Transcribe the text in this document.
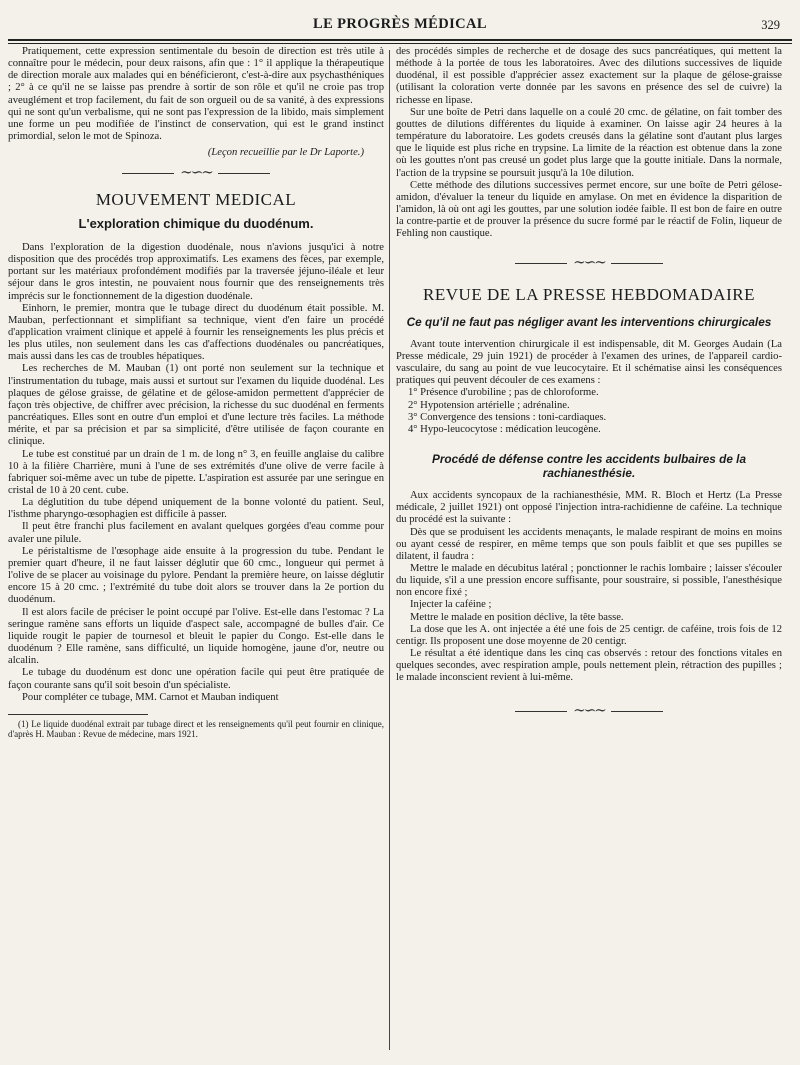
LE PROGRÈS MÉDICAL	329

Pratiquement, cette expression sentimentale du besoin de direction est très utile à connaître pour le médecin, pour deux raisons, afin que : 1° il applique la thérapeutique de direction morale aux malades qui en bénéficieront, c'est-à-dire aux psychasthéniques ; 2° à ce qu'il ne se laisse pas prendre à sortir de son rôle et qu'il ne croie pas trop aveuglément et trop facilement, du fait de son orgueil ou de sa vanité, à des expressions qui ne sont qu'un verbalisme, qui ne sont pas l'expression de la libido, mais simplement une forme un peu modifiée de l'instinct de conservation, qui est le grand instinct primordial, selon le mot de Spinoza.

(Leçon recueillie par le Dr Laporte.)

∼∽∼
MOUVEMENT MEDICAL
L'exploration chimique du duodénum.

Dans l'exploration de la digestion duodénale, nous n'avions jusqu'ici à notre disposition que des procédés trop approximatifs. Les examens des fèces, par exemple, portant sur les matériaux profondément modifiés par la traversée jéjuno-iléale et leur séjour dans le gros intestin, ne pouvaient nous fournir que des renseignements très imprécis sur le fonctionnement de la digestion duodénale.

Einhorn, le premier, montra que le tubage direct du duodénum était possible. M. Mauban, perfectionnant et simplifiant sa technique, vient d'en faire un procédé d'application vraiment clinique et appelé à fournir les renseignements les plus précis et les plus utiles, non seulement dans les cas d'affections duodénales ou pancréatiques, mais aussi dans les cas de troubles hépatiques.

Les recherches de M. Mauban (1) ont porté non seulement sur la technique et l'instrumentation du tubage, mais aussi et surtout sur l'examen du liquide duodénal. Les plaques de gélose graisse, de gélatine et de gélose-amidon permettent d'apprécier de façon très objective, de chiffrer avec précision, la richesse du suc duodénal en ferments pancréatiques. Elles sont en outre d'un emploi et d'une lecture très faciles. La méthode mérite, et par sa précision et par sa simplicité, d'être utilisée de façon courante en clinique.

Le tube est constitué par un drain de 1 m. de long n° 3, en feuille anglaise du calibre 10 à la filière Charrière, muni à l'une de ses extrémités d'une olive de verre facile à fabriquer soi-même avec un tube de pipette. L'aspiration est assurée par une seringue en cristal de 10 à 20 cent. cube.

La déglutition du tube dépend uniquement de la bonne volonté du patient. Seul, l'isthme pharyngo-œsophagien est difficile à passer.

Il peut être franchi plus facilement en avalant quelques gorgées d'eau comme pour avaler une pilule.

Le péristaltisme de l'œsophage aide ensuite à la progression du tube. Pendant le premier quart d'heure, il ne faut laisser déglutir que 60 cmc., longueur qui permet à l'olive de se placer au voisinage du pylore. Pendant la première heure, on laisse déglutir encore 15 à 20 cmc. ; l'extrémité du tube doit alors se trouver dans la 2e portion du duodénum.

Il est alors facile de préciser le point occupé par l'olive. Est-elle dans l'estomac ? La seringue ramène sans efforts un liquide d'aspect sale, accompagné de bulles d'air. Ce liquide rougit le papier de tournesol et bleuit le papier du Congo. Est-elle dans le duodénum ? Elle ramène, sans difficulté, un liquide homogène, jaune d'or, neutre ou alcalin.

Le tubage du duodénum est donc une opération facile qui peut être pratiquée de façon courante sans qu'il soit besoin d'un spécialiste.

Pour compléter ce tubage, MM. Carnot et Mauban indiquent

(1) Le liquide duodénal extrait par tubage direct et les renseignements qu'il peut fournir en clinique, d'après H. Mauban : Revue de médecine, mars 1921.

des procédés simples de recherche et de dosage des sucs pancréatiques, qui mettent la méthode à la portée de tous les laboratoires. Avec des dilutions successives de liquide duodénal, il est possible d'apprécier assez exactement sur la plaque de gélose-graisse (utilisant la coloration verte donnée par les savons en présence des sel de cuivre) la richesse en lipase.

Sur une boîte de Petri dans laquelle on a coulé 20 cmc. de gélatine, on fait tomber des gouttes de dilutions différentes du liquide à examiner. On laisse agir 24 heures à la température du laboratoire. Les godets creusés dans la gélatine sont d'autant plus larges que le liquide est plus riche en trypsine. La limite de la réaction est obtenue dans la zone où les gouttes n'ont pas creusé un godet plus large que la goutte initiale. Dans la normale, l'action de la trypsine se poursuit jusqu'à la 10e dilution.

Cette méthode des dilutions successives permet encore, sur une boîte de Petri gélose-amidon, d'évaluer la teneur du liquide en amylase. On met en évidence la disparition de l'amidon, là où ont agi les gouttes, par une solution iodée faible. Il est bon de faire en outre la contre-partie et de prouver la présence du sucre formé par le réactif de Folin, liqueur de Fehling non caustique.

∼∽∼
REVUE DE LA PRESSE HEBDOMADAIRE
Ce qu'il ne faut pas négliger avant les interventions chirurgicales

Avant toute intervention chirurgicale il est indispensable, dit M. Georges Audain (La Presse médicale, 29 juin 1921) de procéder à l'examen des urines, de l'appareil cardio-vasculaire, du sang au point de vue leucocytaire. Et il schématise ainsi les conséquences pratiques qui peuvent découler de ces examens :

1° Présence d'urobiline ; pas de chloroforme.

2° Hypotension artérielle ; adrénaline.

3° Convergence des tensions : toni-cardiaques.

4° Hypo-leucocytose : médication leucogène.

Procédé de défense contre les accidents bulbaires de la rachianesthésie.

Aux accidents syncopaux de la rachianesthésie, MM. R. Bloch et Hertz (La Presse médicale, 2 juillet 1921) ont opposé l'injection intra-rachidienne de caféine. La technique du procédé est la suivante :

Dès que se produisent les accidents menaçants, le malade respirant de moins en moins ou ayant cessé de respirer, en même temps que son pouls faiblit et que ses pupilles se dilatent, il faudra :

Mettre le malade en décubitus latéral ; ponctionner le rachis lombaire ; laisser s'écouler du liquide, s'il a une pression encore suffisante, pour soustraire, si possible, l'anesthésique non encore fixé ;

Injecter la caféine ;

Mettre le malade en position déclive, la tête basse.

La dose que les A. ont injectée a été une fois de 25 centigr. de caféine, trois fois de 12 centigr. Ils proposent une dose moyenne de 20 centigr.

Le résultat a été identique dans les cinq cas observés : retour des fonctions vitales en quelques secondes, avec respiration ample, pouls nettement plein, rétraction des pupilles ; le malade inconscient revient à lui-même.

∼∽∼
